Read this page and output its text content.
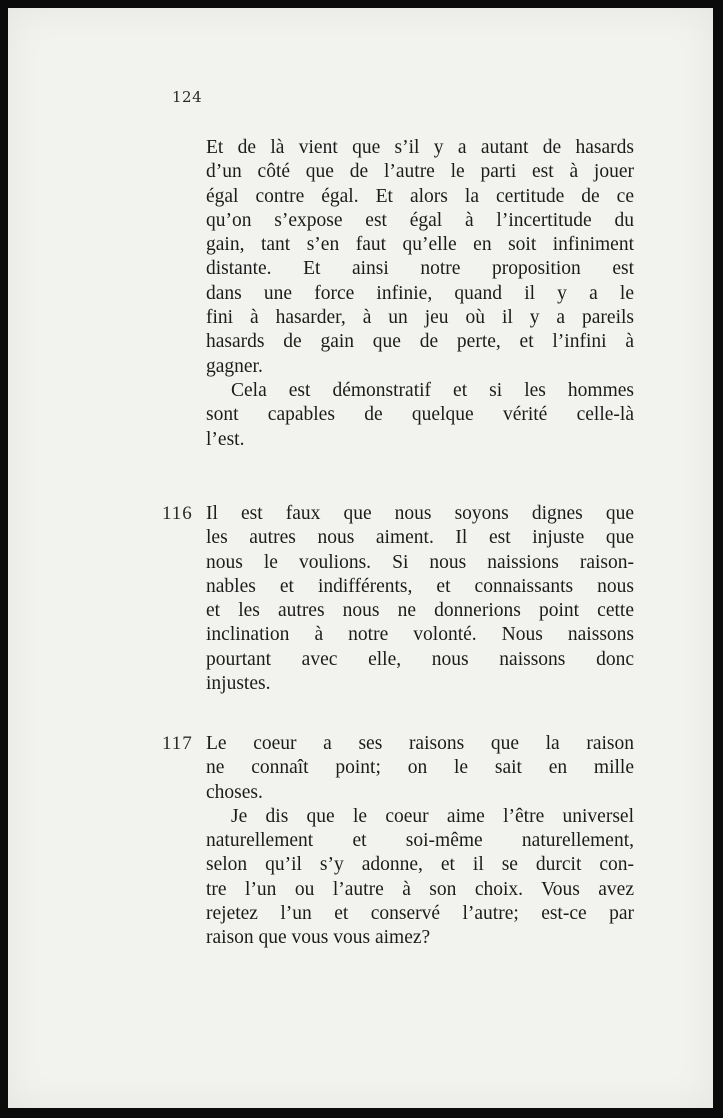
124

Et de là vient que s’il y a autant de hasards
d’un côté que de l’autre le parti est à jouer
égal contre égal. Et alors la certitude de ce
qu’on s’expose est égal à l’incertitude du
gain, tant s’en faut qu’elle en soit infiniment
distante. Et ainsi notre proposition est
dans une force infinie, quand il y a le
fini à hasarder, à un jeu où il y a pareils
hasards de gain que de perte, et l’infini à
gagner.

Cela est démonstratif et si les hommes
sont capables de quelque vérité celle-là
l’est.

116 Il est faux que nous soyons dignes que
les autres nous aiment. Il est injuste que
nous le voulions. Si nous naissions raison-
nables et indifférents, et connaissants nous
et les autres nous ne donnerions point cette
inclination à notre volonté. Nous naissons
pourtant avec elle, nous naissons donc
injustes.

117 Le coeur a ses raisons que la raison
ne connaît point; on le sait en mille
choses.

Je dis que le coeur aime l’être universel
naturellement et soi-même naturellement,
selon qu’il s’y adonne, et il se durcit con-
tre l’un ou l’autre à son choix. Vous avez
rejetez l’un et conservé l’autre; est-ce par
raison que vous vous aimez?
